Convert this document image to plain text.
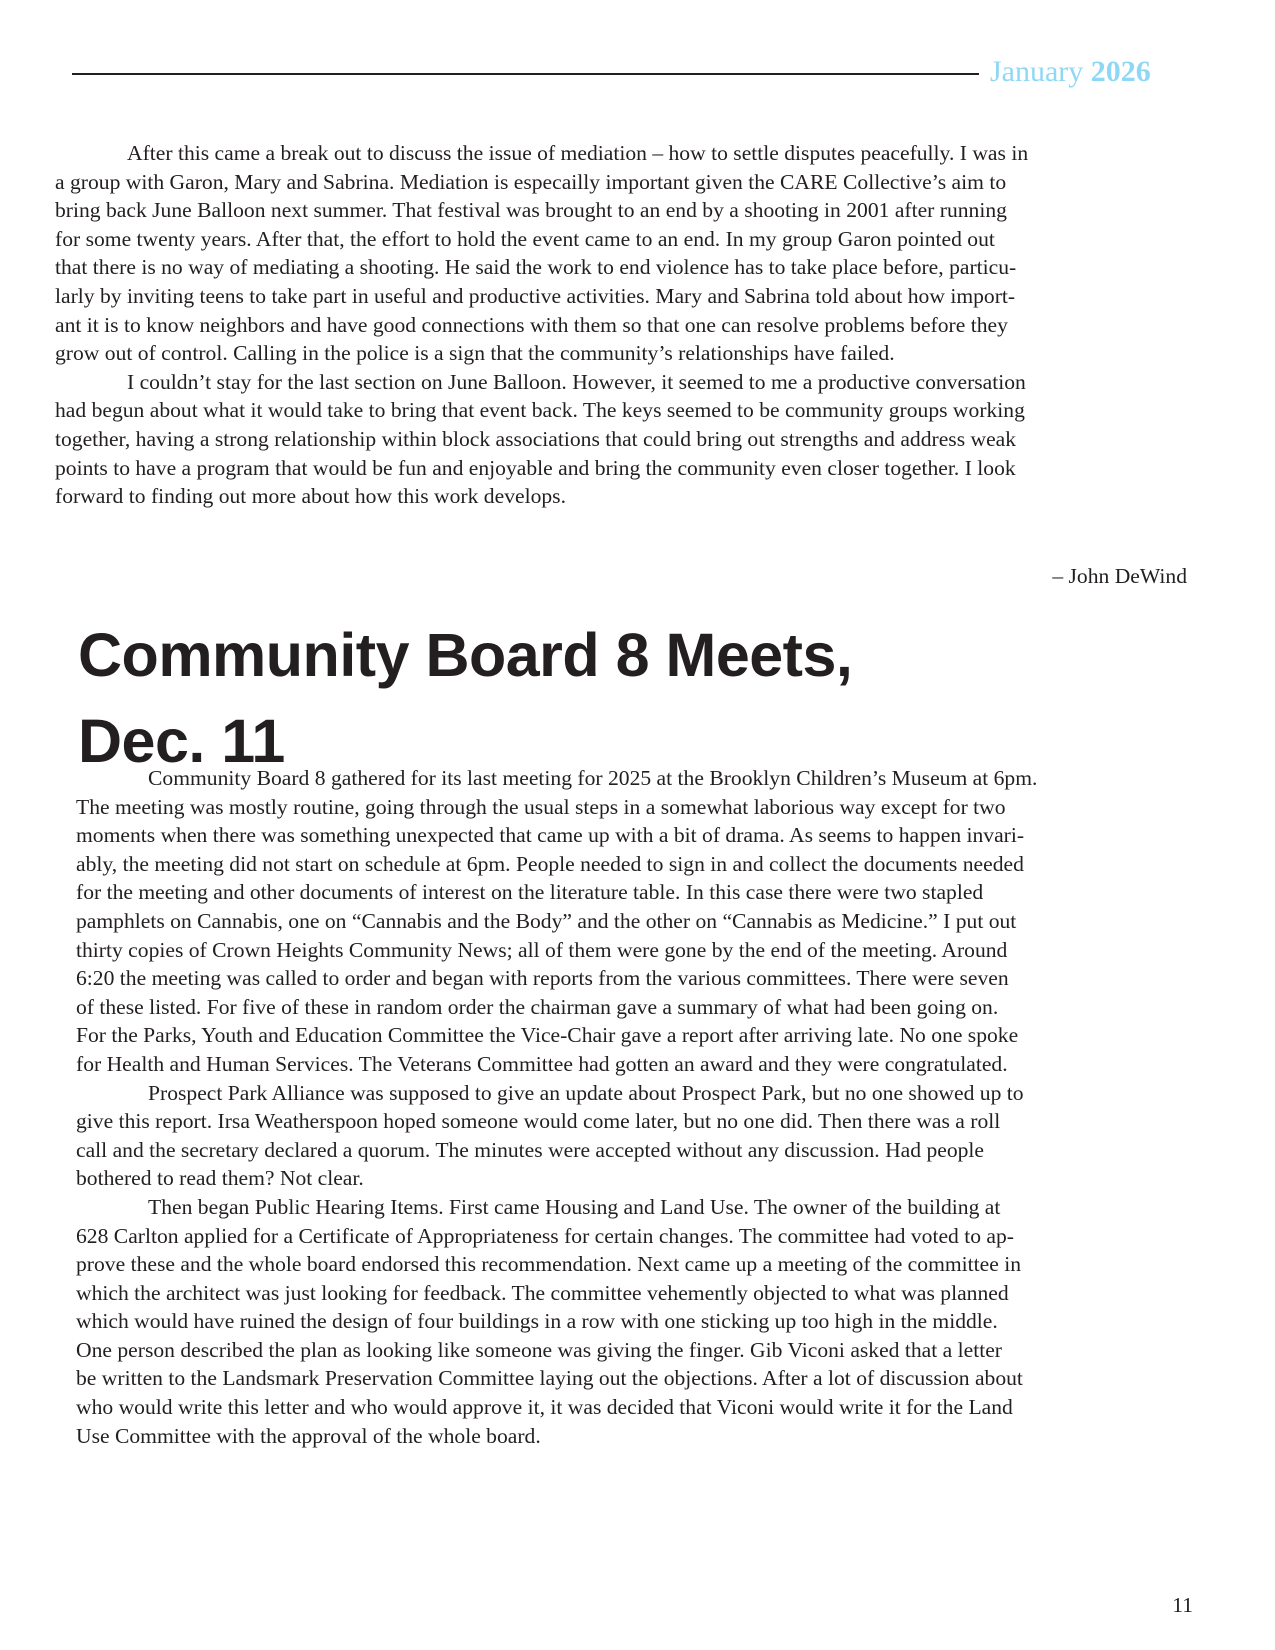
January 2026
After this came a break out to discuss the issue of mediation – how to settle disputes peacefully. I was in
a group with Garon, Mary and Sabrina. Mediation is especailly important given the CARE Collective’s aim to
bring back June Balloon next summer. That festival was brought to an end by a shooting in 2001 after running
for some twenty years. After that, the effort to hold the event came to an end. In my group Garon pointed out
that there is no way of mediating a shooting. He said the work to end violence has to take place before, particu-
larly by inviting teens to take part in useful and productive activities. Mary and Sabrina told about how import-
ant it is to know neighbors and have good connections with them so that one can resolve problems before they
grow out of control. Calling in the police is a sign that the community’s relationships have failed.
I couldn’t stay for the last section on June Balloon. However, it seemed to me a productive conversation
had begun about what it would take to bring that event back. The keys seemed to be community groups working
together, having a strong relationship within block associations that could bring out strengths and address weak
points to have a program that would be fun and enjoyable and bring the community even closer together. I look
forward to finding out more about how this work develops.
– John DeWind
Community Board 8 Meets,
Dec. 11
Community Board 8 gathered for its last meeting for 2025 at the Brooklyn Children’s Museum at 6pm.
The meeting was mostly routine, going through the usual steps in a somewhat laborious way except for two
moments when there was something unexpected that came up with a bit of drama. As seems to happen invari-
ably, the meeting did not start on schedule at 6pm. People needed to sign in and collect the documents needed
for the meeting and other documents of interest on the literature table. In this case there were two stapled
pamphlets on Cannabis, one on “Cannabis and the Body” and the other on “Cannabis as Medicine.” I put out
thirty copies of Crown Heights Community News; all of them were gone by the end of the meeting. Around
6:20 the meeting was called to order and began with reports from the various committees. There were seven
of these listed. For five of these in random order the chairman gave a summary of what had been going on.
For the Parks, Youth and Education Committee the Vice-Chair gave a report after arriving late. No one spoke
for Health and Human Services. The Veterans Committee had gotten an award and they were congratulated.
Prospect Park Alliance was supposed to give an update about Prospect Park, but no one showed up to
give this report. Irsa Weatherspoon hoped someone would come later, but no one did. Then there was a roll
call and the secretary declared a quorum. The minutes were accepted without any discussion. Had people
bothered to read them? Not clear.
Then began Public Hearing Items. First came Housing and Land Use. The owner of the building at
628 Carlton applied for a Certificate of Appropriateness for certain changes. The committee had voted to ap-
prove these and the whole board endorsed this recommendation. Next came up a meeting of the committee in
which the architect was just looking for feedback. The committee vehemently objected to what was planned
which would have ruined the design of four buildings in a row with one sticking up too high in the middle.
One person described the plan as looking like someone was giving the finger. Gib Viconi asked that a letter
be written to the Landsmark Preservation Committee laying out the objections. After a lot of discussion about
who would write this letter and who would approve it, it was decided that Viconi would write it for the Land
Use Committee with the approval of the whole board.
11
